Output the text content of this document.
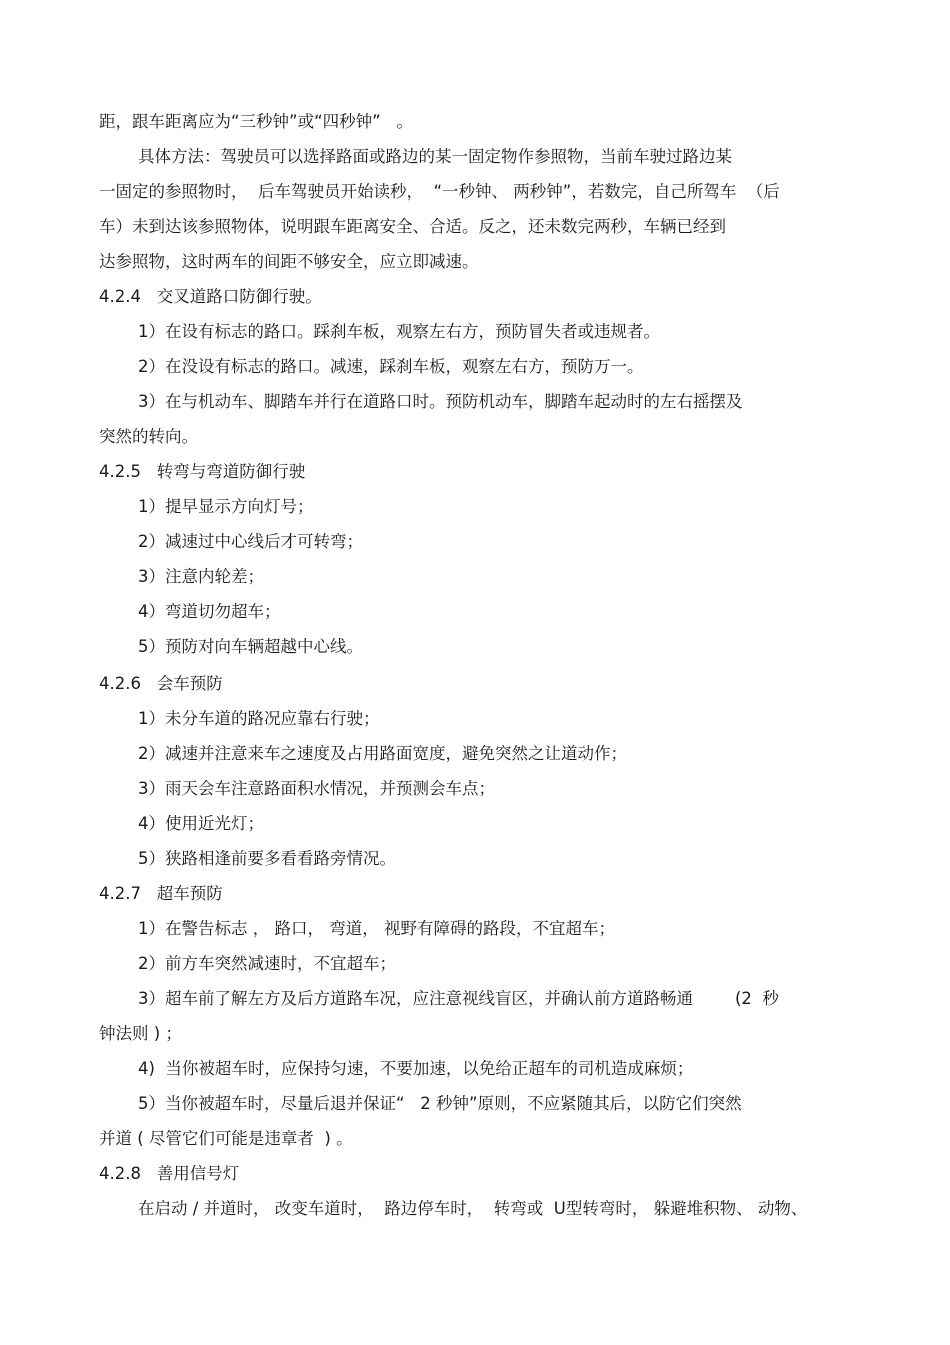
距，跟车距离应为“三秒钟”或“四秒钟”   。
具体方法：驾驶员可以选择路面或路边的某一固定物作参照物，当前车驶过路边某
一固定的参照物时，  后车驾驶员开始读秒，  “一秒钟、 两秒钟”，若数完，自己所驾车  （后
车）未到达该参照物体，说明跟车距离安全、合适。反之，还未数完两秒，车辆已经到
达参照物，这时两车的间距不够安全，应立即减速。
4.2.4   交叉道路口防御行驶。
1）在设有标志的路口。踩刹车板，观察左右方，预防冒失者或违规者。
2）在没设有标志的路口。减速，踩刹车板，观察左右方，预防万一。
3）在与机动车、脚踏车并行在道路口时。预防机动车，脚踏车起动时的左右摇摆及
突然的转向。
4.2.5   转弯与弯道防御行驶
1）提早显示方向灯号；
2）减速过中心线后才可转弯；
3）注意内轮差；
4）弯道切勿超车；
5）预防对向车辆超越中心线。
4.2.6   会车预防
1）未分车道的路况应靠右行驶；
2）减速并注意来车之速度及占用路面宽度，避免突然之让道动作；
3）雨天会车注意路面积水情况，并预测会车点；
4）使用近光灯；
5）狭路相逢前要多看看路旁情况。
4.2.7   超车预防
1）在警告标志 ， 路口， 弯道， 视野有障碍的路段，不宜超车；
2）前方车突然减速时，不宜超车；
3）超车前了解左方及后方道路车况，应注意视线盲区，并确认前方道路畅通        (2  秒
钟法则 ) ；
4)  当你被超车时，应保持匀速，不要加速，以免给正超车的司机造成麻烦；
5）当你被超车时，尽量后退并保证“   2 秒钟”原则，不应紧随其后，以防它们突然
并道 ( 尽管它们可能是违章者  ) 。
4.2.8   善用信号灯
在启动 / 并道时， 改变车道时，  路边停车时，  转弯或  U型转弯时， 躲避堆积物、 动物、
